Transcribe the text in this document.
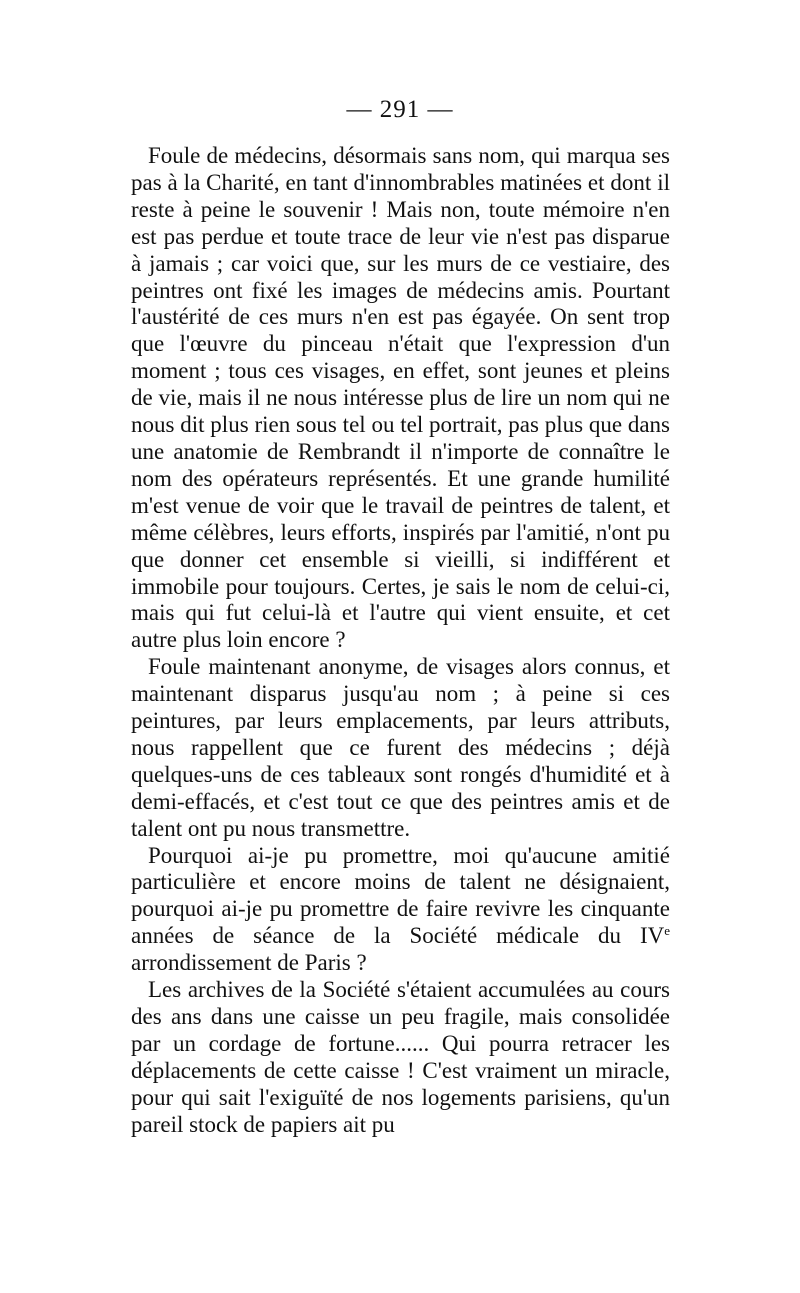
— 291 —

Foule de médecins, désormais sans nom, qui marqua ses pas à la Charité, en tant d'innombrables matinées et dont il reste à peine le souvenir ! Mais non, toute mémoire n'en est pas perdue et toute trace de leur vie n'est pas disparue à jamais ; car voici que, sur les murs de ce vestiaire, des peintres ont fixé les images de médecins amis. Pourtant l'austérité de ces murs n'en est pas égayée. On sent trop que l'œuvre du pinceau n'était que l'expression d'un moment ; tous ces visages, en effet, sont jeunes et pleins de vie, mais il ne nous intéresse plus de lire un nom qui ne nous dit plus rien sous tel ou tel portrait, pas plus que dans une anatomie de Rembrandt il n'importe de connaître le nom des opérateurs représentés. Et une grande humilité m'est venue de voir que le travail de peintres de talent, et même célèbres, leurs efforts, inspirés par l'amitié, n'ont pu que donner cet ensemble si vieilli, si indifférent et immobile pour toujours. Certes, je sais le nom de celui-ci, mais qui fut celui-là et l'autre qui vient ensuite, et cet autre plus loin encore ?

Foule maintenant anonyme, de visages alors connus, et maintenant disparus jusqu'au nom ; à peine si ces peintures, par leurs emplacements, par leurs attributs, nous rappellent que ce furent des médecins ; déjà quelques-uns de ces tableaux sont rongés d'humidité et à demi-effacés, et c'est tout ce que des peintres amis et de talent ont pu nous transmettre.

Pourquoi ai-je pu promettre, moi qu'aucune amitié particulière et encore moins de talent ne désignaient, pourquoi ai-je pu promettre de faire revivre les cinquante années de séance de la Société médicale du IVe arrondissement de Paris ?

Les archives de la Société s'étaient accumulées au cours des ans dans une caisse un peu fragile, mais consolidée par un cordage de fortune...... Qui pourra retracer les déplacements de cette caisse ! C'est vraiment un miracle, pour qui sait l'exiguïté de nos logements parisiens, qu'un pareil stock de papiers ait pu
